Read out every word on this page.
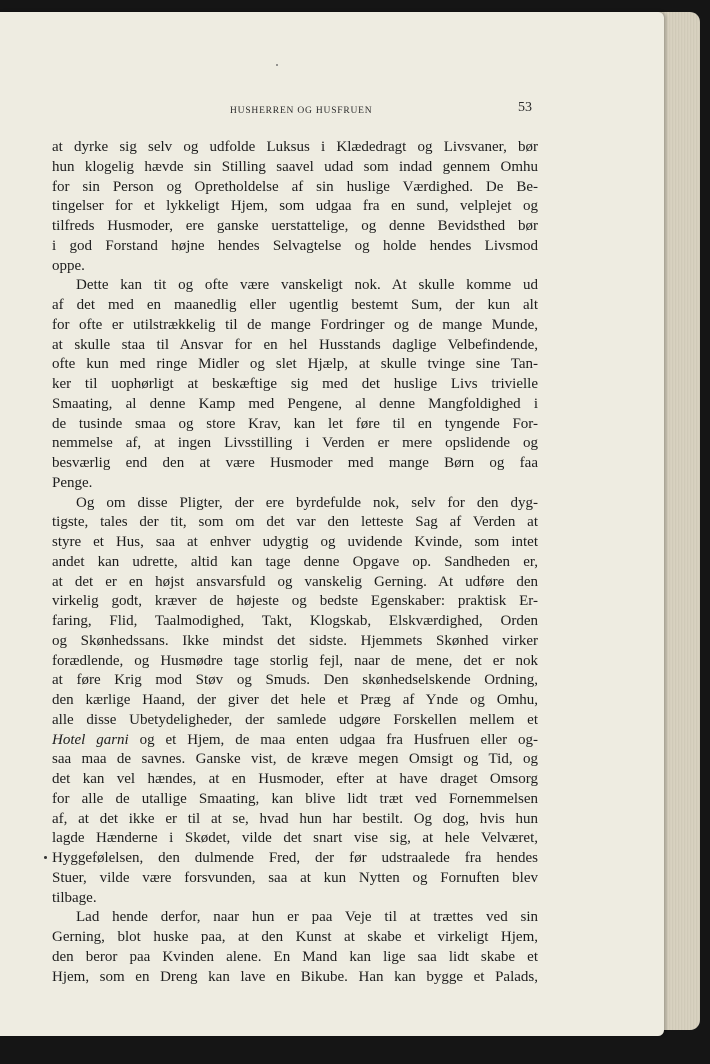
HUSHERREN OG HUSFRUEN	53
at dyrke sig selv og udfolde Luksus i Klædedragt og Livsvaner, bør
hun klogelig hævde sin Stilling saavel udad som indad gennem Omhu
for sin Person og Opretholdelse af sin huslige Værdighed. De Be-
tingelser for et lykkeligt Hjem, som udgaa fra en sund, velplejet og
tilfreds Husmoder, ere ganske uerstattelige, og denne Bevidsthed bør
i god Forstand højne hendes Selvagtelse og holde hendes Livsmod
oppe.
Dette kan tit og ofte være vanskeligt nok. At skulle komme ud
af det med en maanedlig eller ugentlig bestemt Sum, der kun alt
for ofte er utilstrækkelig til de mange Fordringer og de mange Munde,
at skulle staa til Ansvar for en hel Husstands daglige Velbefindende,
ofte kun med ringe Midler og slet Hjælp, at skulle tvinge sine Tan-
ker til uophørligt at beskæftige sig med det huslige Livs trivielle
Smaating, al denne Kamp med Pengene, al denne Mangfoldighed i
de tusinde smaa og store Krav, kan let føre til en tyngende For-
nemmelse af, at ingen Livsstilling i Verden er mere opslidende og
besværlig end den at være Husmoder med mange Børn og faa
Penge.
Og om disse Pligter, der ere byrdefulde nok, selv for den dyg-
tigste, tales der tit, som om det var den letteste Sag af Verden at
styre et Hus, saa at enhver udygtig og uvidende Kvinde, som intet
andet kan udrette, altid kan tage denne Opgave op. Sandheden er,
at det er en højst ansvarsfuld og vanskelig Gerning. At udføre den
virkelig godt, kræver de højeste og bedste Egenskaber: praktisk Er-
faring, Flid, Taalmodighed, Takt, Klogskab, Elskværdighed, Orden
og Skønhedssans. Ikke mindst det sidste. Hjemmets Skønhed virker
forædlende, og Husmødre tage storlig fejl, naar de mene, det er nok
at føre Krig mod Støv og Smuds. Den skønhedselskende Ordning,
den kærlige Haand, der giver det hele et Præg af Ynde og Omhu,
alle disse Ubetydeligheder, der samlede udgøre Forskellen mellem et
Hotel garni og et Hjem, de maa enten udgaa fra Husfruen eller og-
saa maa de savnes. Ganske vist, de kræve megen Omsigt og Tid, og
det kan vel hændes, at en Husmoder, efter at have draget Omsorg
for alle de utallige Smaating, kan blive lidt træt ved Fornemmelsen
af, at det ikke er til at se, hvad hun har bestilt. Og dog, hvis hun
lagde Hænderne i Skødet, vilde det snart vise sig, at hele Velværet,
Hyggefølelsen, den dulmende Fred, der før udstraalede fra hendes
Stuer, vilde være forsvunden, saa at kun Nytten og Fornuften blev
tilbage.
Lad hende derfor, naar hun er paa Veje til at trættes ved sin
Gerning, blot huske paa, at den Kunst at skabe et virkeligt Hjem,
den beror paa Kvinden alene. En Mand kan lige saa lidt skabe et
Hjem, som en Dreng kan lave en Bikube. Han kan bygge et Palads,
